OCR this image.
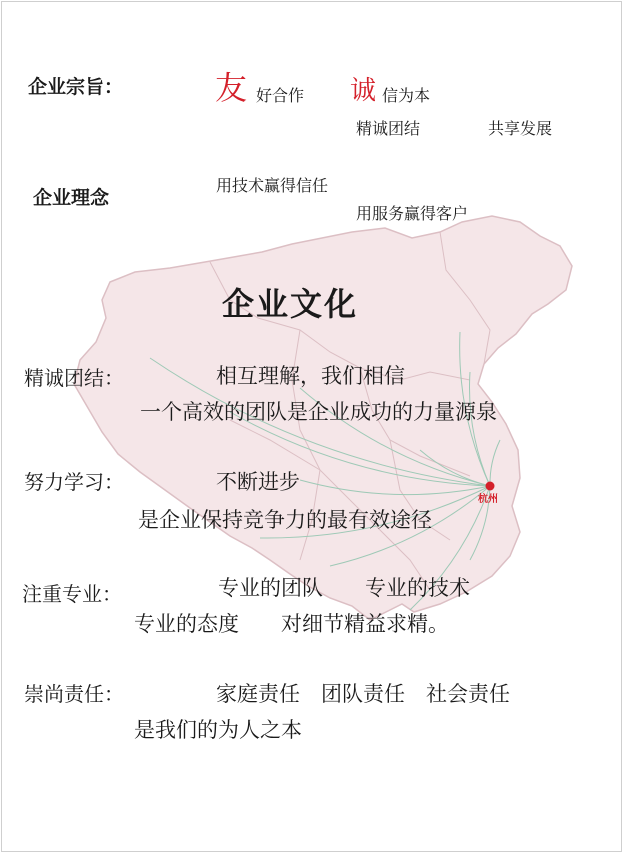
杭州
企业宗旨：	友 好合作 诚 信为本
精诚团结	共享发展
企业理念
用技术赢得信任
用服务赢得客户
企业文化
精诚团结：	相互理解，我们相信
一个高效的团队是企业成功的力量源泉
努力学习：	不断进步
是企业保持竞争力的最有效途径
注重专业：	专业的团队　　专业的技术
专业的态度　　对细节精益求精。
崇尚责任：	家庭责任　团队责任　社会责任
是我们的为人之本
